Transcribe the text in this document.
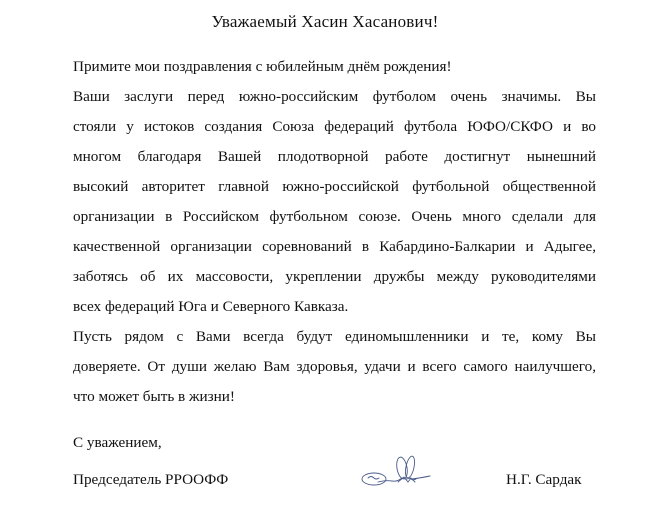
Уважаемый Хасин Хасанович!
Примите мои поздравления с юбилейным днём рождения!
Ваши заслуги перед южно-российским футболом очень значимы. Вы
стояли у истоков создания Союза федераций футбола ЮФО/СКФО и во
многом благодаря Вашей плодотворной работе достигнут нынешний
высокий авторитет главной южно-российской футбольной общественной
организации в Российском футбольном союзе. Очень много сделали для
качественной организации соревнований в Кабардино-Балкарии и Адыгее,
заботясь об их массовости, укреплении дружбы между руководителями
всех федераций Юга и Северного Кавказа.
Пусть рядом с Вами всегда будут единомышленники и те, кому Вы
доверяете. От души желаю Вам здоровья, удачи и всего самого наилучшего,
что может быть в жизни!
С уважением,
Председатель РРООФФ	Н.Г. Сардак
